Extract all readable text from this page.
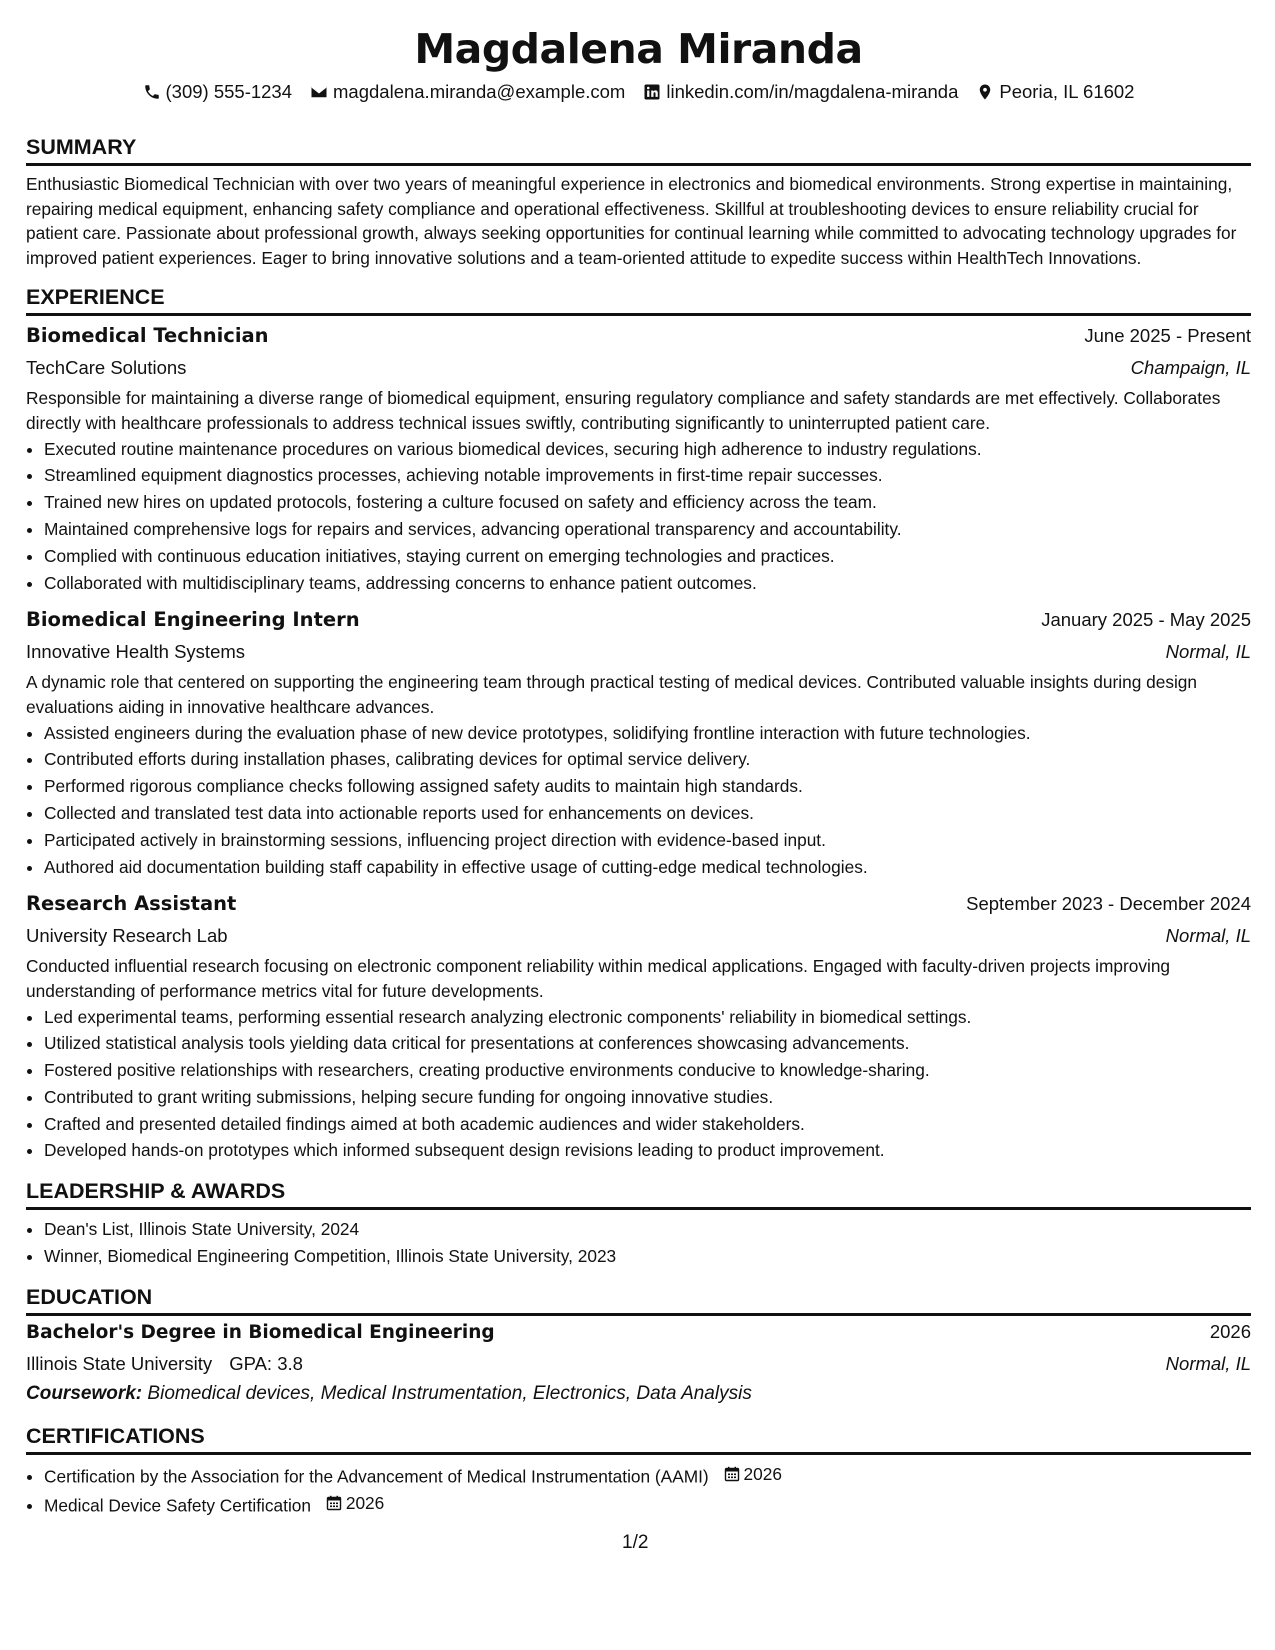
Magdalena Miranda
(309) 555-1234 magdalena.miranda@example.com linkedin.com/in/magdalena-miranda Peoria, IL 61602
SUMMARY
Enthusiastic Biomedical Technician with over two years of meaningful experience in electronics and biomedical environments. Strong expertise in maintaining, repairing medical equipment, enhancing safety compliance and operational effectiveness. Skillful at troubleshooting devices to ensure reliability crucial for patient care. Passionate about professional growth, always seeking opportunities for continual learning while committed to advocating technology upgrades for improved patient experiences. Eager to bring innovative solutions and a team-oriented attitude to expedite success within HealthTech Innovations.
EXPERIENCE
Biomedical Technician	June 2025 - Present
TechCare Solutions	Champaign, IL
Responsible for maintaining a diverse range of biomedical equipment, ensuring regulatory compliance and safety standards are met effectively. Collaborates directly with healthcare professionals to address technical issues swiftly, contributing significantly to uninterrupted patient care.
• Executed routine maintenance procedures on various biomedical devices, securing high adherence to industry regulations.
• Streamlined equipment diagnostics processes, achieving notable improvements in first-time repair successes.
• Trained new hires on updated protocols, fostering a culture focused on safety and efficiency across the team.
• Maintained comprehensive logs for repairs and services, advancing operational transparency and accountability.
• Complied with continuous education initiatives, staying current on emerging technologies and practices.
• Collaborated with multidisciplinary teams, addressing concerns to enhance patient outcomes.
Biomedical Engineering Intern	January 2025 - May 2025
Innovative Health Systems	Normal, IL
A dynamic role that centered on supporting the engineering team through practical testing of medical devices. Contributed valuable insights during design evaluations aiding in innovative healthcare advances.
• Assisted engineers during the evaluation phase of new device prototypes, solidifying frontline interaction with future technologies.
• Contributed efforts during installation phases, calibrating devices for optimal service delivery.
• Performed rigorous compliance checks following assigned safety audits to maintain high standards.
• Collected and translated test data into actionable reports used for enhancements on devices.
• Participated actively in brainstorming sessions, influencing project direction with evidence-based input.
• Authored aid documentation building staff capability in effective usage of cutting-edge medical technologies.
Research Assistant	September 2023 - December 2024
University Research Lab	Normal, IL
Conducted influential research focusing on electronic component reliability within medical applications. Engaged with faculty-driven projects improving understanding of performance metrics vital for future developments.
• Led experimental teams, performing essential research analyzing electronic components' reliability in biomedical settings.
• Utilized statistical analysis tools yielding data critical for presentations at conferences showcasing advancements.
• Fostered positive relationships with researchers, creating productive environments conducive to knowledge-sharing.
• Contributed to grant writing submissions, helping secure funding for ongoing innovative studies.
• Crafted and presented detailed findings aimed at both academic audiences and wider stakeholders.
• Developed hands-on prototypes which informed subsequent design revisions leading to product improvement.
LEADERSHIP & AWARDS
• Dean's List, Illinois State University, 2024
• Winner, Biomedical Engineering Competition, Illinois State University, 2023
EDUCATION
Bachelor's Degree in Biomedical Engineering	2026
Illinois State University GPA: 3.8	Normal, IL
Coursework: Biomedical devices, Medical Instrumentation, Electronics, Data Analysis
CERTIFICATIONS
• Certification by the Association for the Advancement of Medical Instrumentation (AAMI) 2026
• Medical Device Safety Certification 2026
1/2
